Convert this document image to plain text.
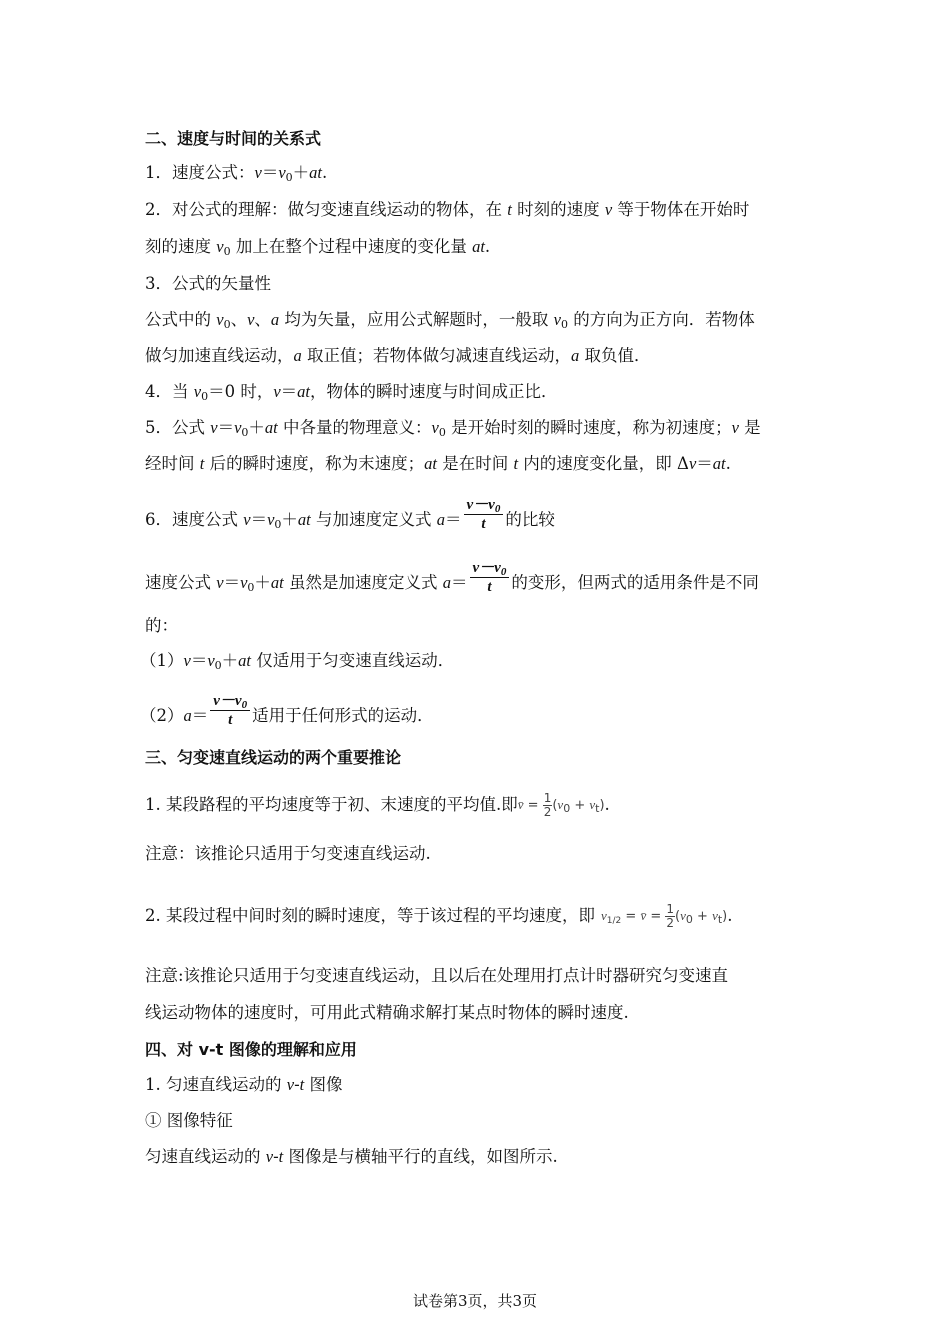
二、速度与时间的关系式
1．速度公式：$v=v_0+at$.
2．对公式的理解：做匀变速直线运动的物体，在 t 时刻的速度 v 等于物体在开始时
刻的速度 $v_0$ 加上在整个过程中速度的变化量 at.
3．公式的矢量性
公式中的 $v_0$、v、a 均为矢量，应用公式解题时，一般取 $v_0$ 的方向为正方向．若物体
做匀加速直线运动，a 取正值；若物体做匀减速直线运动，a 取负值．
4．当 $v_0=0$ 时，v＝at，物体的瞬时速度与时间成正比．
5．公式 $v=v_0+at$ 中各量的物理意义：$v_0$ 是开始时刻的瞬时速度，称为初速度；v 是
经时间 t 后的瞬时速度，称为末速度；at 是在时间 t 内的速度变化量，即 Δv＝at.
6．速度公式 $v=v_0+at$ 与加速度定义式 $a= \frac{v-v_0}{t}$ 的比较
速度公式 $v=v_0+at$ 虽然是加速度定义式 $a= \frac{v-v_0}{t}$ 的变形，但两式的适用条件是不同
的：
$(1)v=v_0+at$ 仅适用于匀变速直线运动．
$(2)a= \frac{v-v_0}{t}$ 适用于任何形式的运动．
三、匀变速直线运动的两个重要推论
1. 某段路程的平均速度等于初、末速度的平均值.即v̄ = $\frac{1}{2} (v_0 + v_t)$.
注意：该推论只适用于匀变速直线运动.
2. 某段过程中间时刻的瞬时速度，等于该过程的平均速度，即 $v_{1/2}$ = v̄ = $\frac{1}{2} (v_0 + v_t)$.
注意:该推论只适用于匀变速直线运动，且以后在处理用打点计时器研究匀变速直
线运动物体的速度时，可用此式精确求解打某点时物体的瞬时速度.
四、对 v-t 图像的理解和应用
1. 匀速直线运动的 v-t 图像
① 图像特征
匀速直线运动的 v-t 图像是与横轴平行的直线，如图所示.
试卷第3页，共3页
